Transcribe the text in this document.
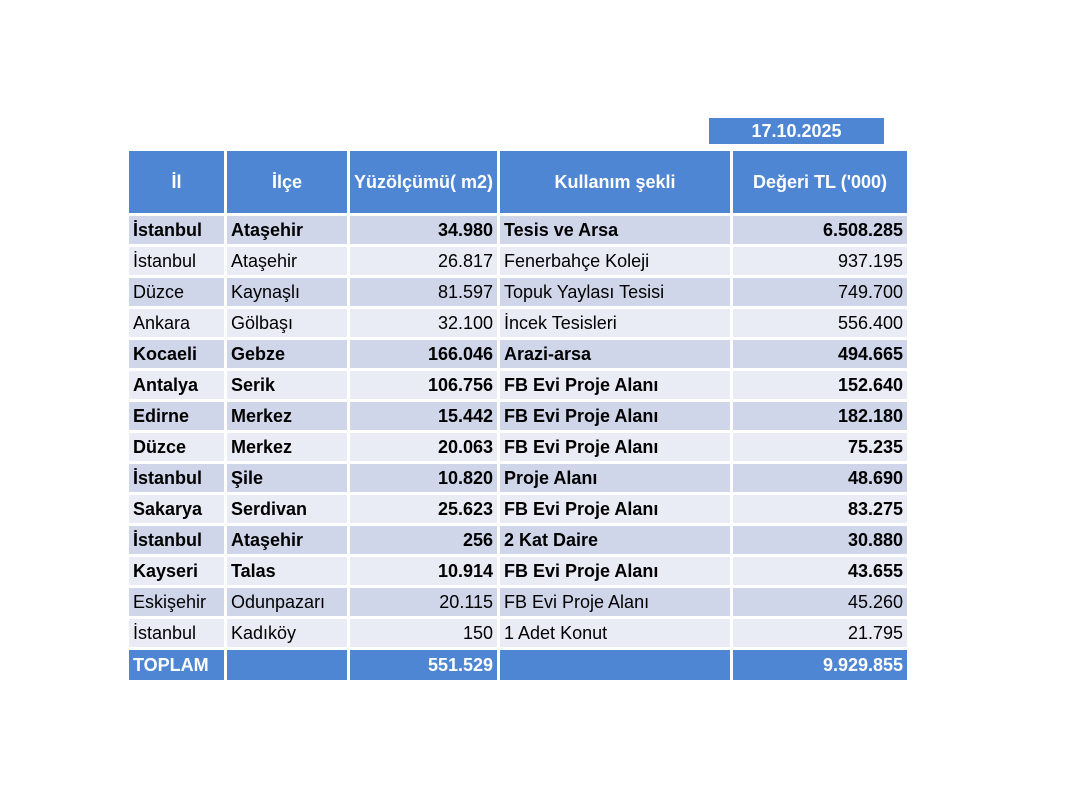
17.10.2025
İl	İlçe	Yüzölçümü( m2)	Kullanım şekli	Değeri TL ('000)
İstanbul	Ataşehir	34.980	Tesis ve Arsa	6.508.285
İstanbul	Ataşehir	26.817	Fenerbahçe Koleji	937.195
Düzce	Kaynaşlı	81.597	Topuk Yaylası Tesisi	749.700
Ankara	Gölbaşı	32.100	İncek Tesisleri	556.400
Kocaeli	Gebze	166.046	Arazi-arsa	494.665
Antalya	Serik	106.756	FB Evi Proje Alanı	152.640
Edirne	Merkez	15.442	FB Evi Proje Alanı	182.180
Düzce	Merkez	20.063	FB Evi Proje Alanı	75.235
İstanbul	Şile	10.820	Proje Alanı	48.690
Sakarya	Serdivan	25.623	FB Evi Proje Alanı	83.275
İstanbul	Ataşehir	256	2 Kat Daire	30.880
Kayseri	Talas	10.914	FB Evi Proje Alanı	43.655
Eskişehir	Odunpazarı	20.115	FB Evi Proje Alanı	45.260
İstanbul	Kadıköy	150	1 Adet Konut	21.795
TOPLAM		551.529		9.929.855
